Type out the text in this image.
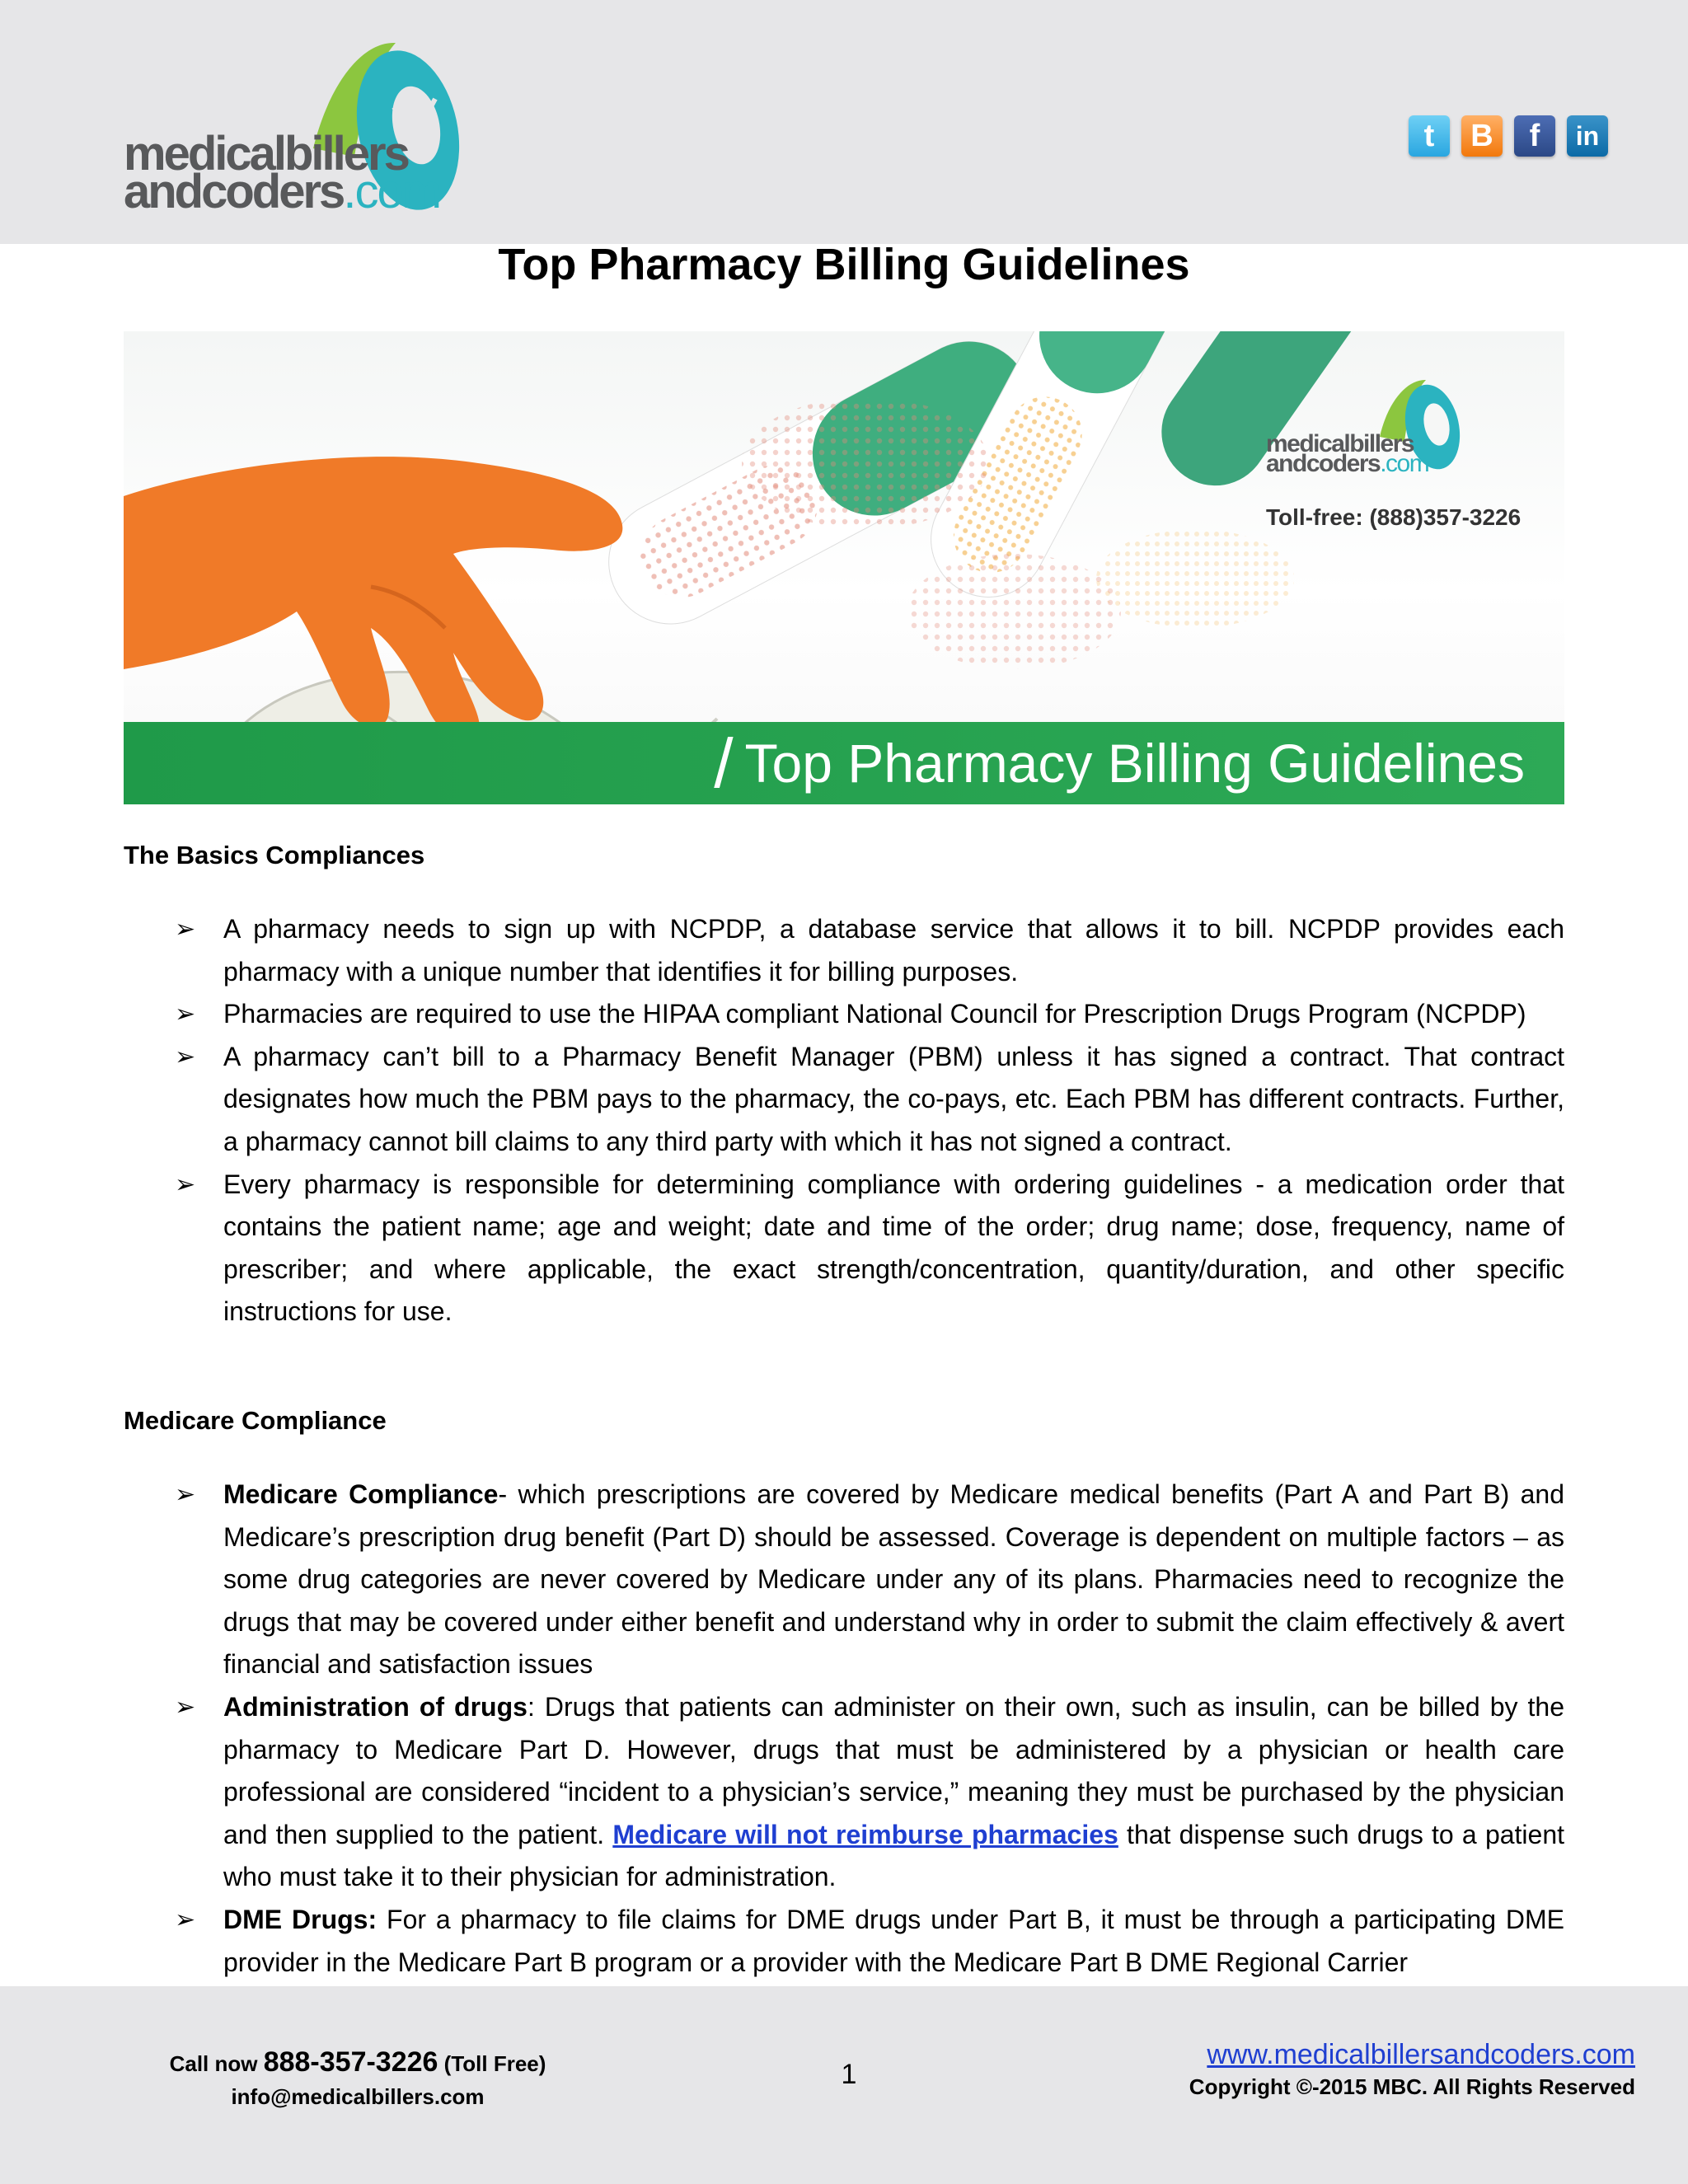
medicalbillers
andcoders.com
t	B	f	in
Top Pharmacy Billing Guidelines
medicalbillers
andcoders.com
Toll-free: (888)357-3226
/ Top Pharmacy Billing Guidelines
The Basics Compliances
➢ A pharmacy needs to sign up with NCPDP, a database service that allows it to bill. NCPDP provides each pharmacy with a unique number that identifies it for billing purposes.
➢ Pharmacies are required to use the HIPAA compliant National Council for Prescription Drugs Program (NCPDP)
➢ A pharmacy can’t bill to a Pharmacy Benefit Manager (PBM) unless it has signed a contract. That contract designates how much the PBM pays to the pharmacy, the co-pays, etc. Each PBM has different contracts. Further, a pharmacy cannot bill claims to any third party with which it has not signed a contract.
➢ Every pharmacy is responsible for determining compliance with ordering guidelines - a medication order that contains the patient name; age and weight; date and time of the order; drug name; dose, frequency, name of prescriber; and where applicable, the exact strength/concentration, quantity/duration, and other specific instructions for use.
Medicare Compliance
➢ Medicare Compliance- which prescriptions are covered by Medicare medical benefits (Part A and Part B) and Medicare’s prescription drug benefit (Part D) should be assessed. Coverage is dependent on multiple factors – as some drug categories are never covered by Medicare under any of its plans. Pharmacies need to recognize the drugs that may be covered under either benefit and understand why in order to submit the claim effectively & avert financial and satisfaction issues
➢ Administration of drugs: Drugs that patients can administer on their own, such as insulin, can be billed by the pharmacy to Medicare Part D. However, drugs that must be administered by a physician or health care professional are considered “incident to a physician’s service,” meaning they must be purchased by the physician and then supplied to the patient. Medicare will not reimburse pharmacies that dispense such drugs to a patient who must take it to their physician for administration.
➢ DME Drugs: For a pharmacy to file claims for DME drugs under Part B, it must be through a participating DME provider in the Medicare Part B program or a provider with the Medicare Part B DME Regional Carrier
Call now 888-357-3226 (Toll Free)
info@medicalbillers.com
1
www.medicalbillersandcoders.com
Copyright ©-2015 MBC. All Rights Reserved
